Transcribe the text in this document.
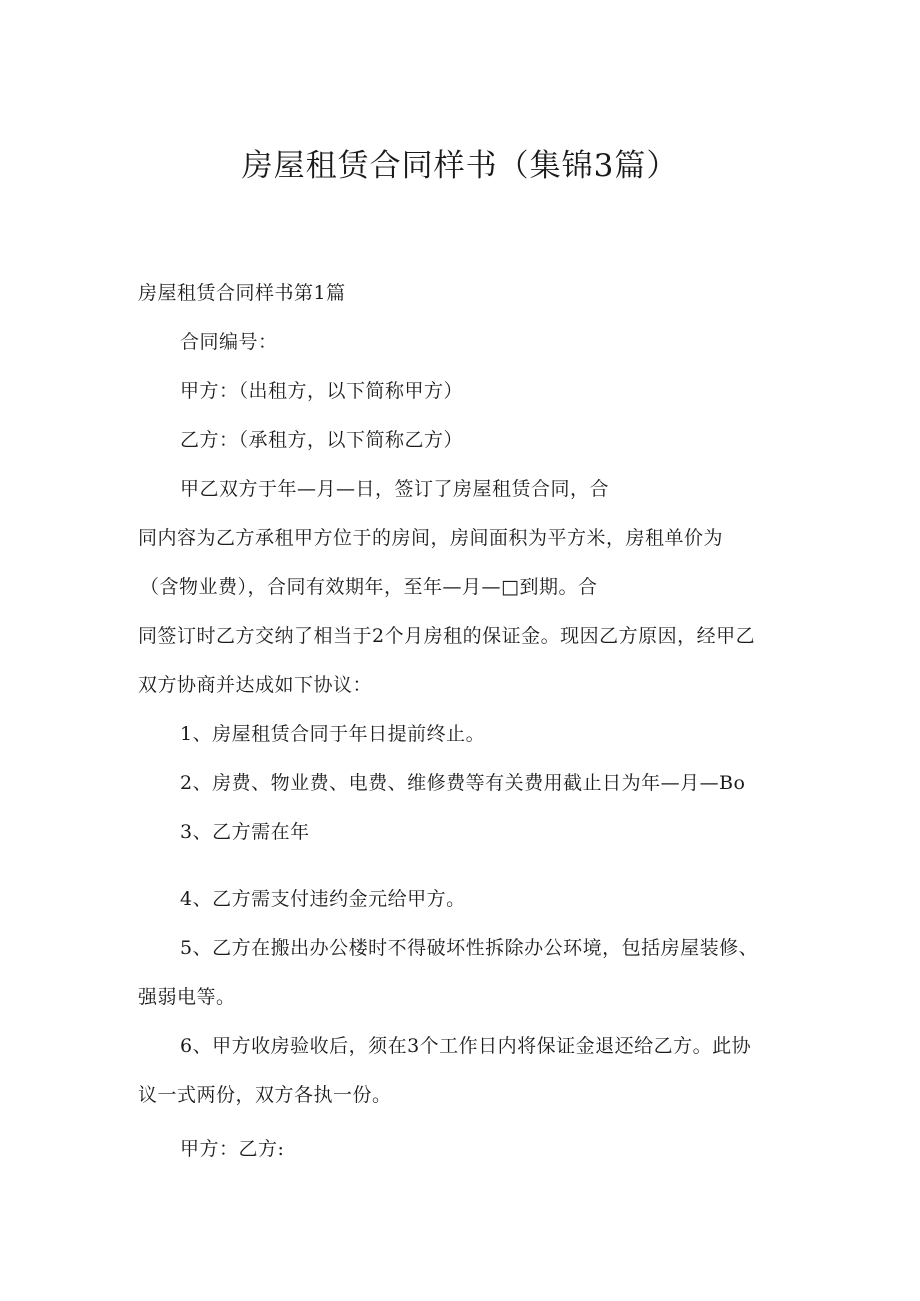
房屋租赁合同样书（集锦3篇）

房屋租赁合同样书第1篇

合同编号：

甲方：（出租方，以下简称甲方）

乙方：（承租方，以下简称乙方）

甲乙双方于年—月—日，签订了房屋租赁合同，合

同内容为乙方承租甲方位于的房间，房间面积为平方米，房租单价为

（含物业费），合同有效期年，至年—月—□到期。合

同签订时乙方交纳了相当于2个月房租的保证金。现因乙方原因，经甲乙

双方协商并达成如下协议：

1、房屋租赁合同于年日提前终止。

2、房费、物业费、电费、维修费等有关费用截止日为年—月—Bo

3、乙方需在年

4、乙方需支付违约金元给甲方。

5、乙方在搬出办公楼时不得破坏性拆除办公环境，包括房屋装修、

强弱电等。

6、甲方收房验收后，须在3个工作日内将保证金退还给乙方。此协

议一式两份，双方各执一份。

甲方：乙方:
